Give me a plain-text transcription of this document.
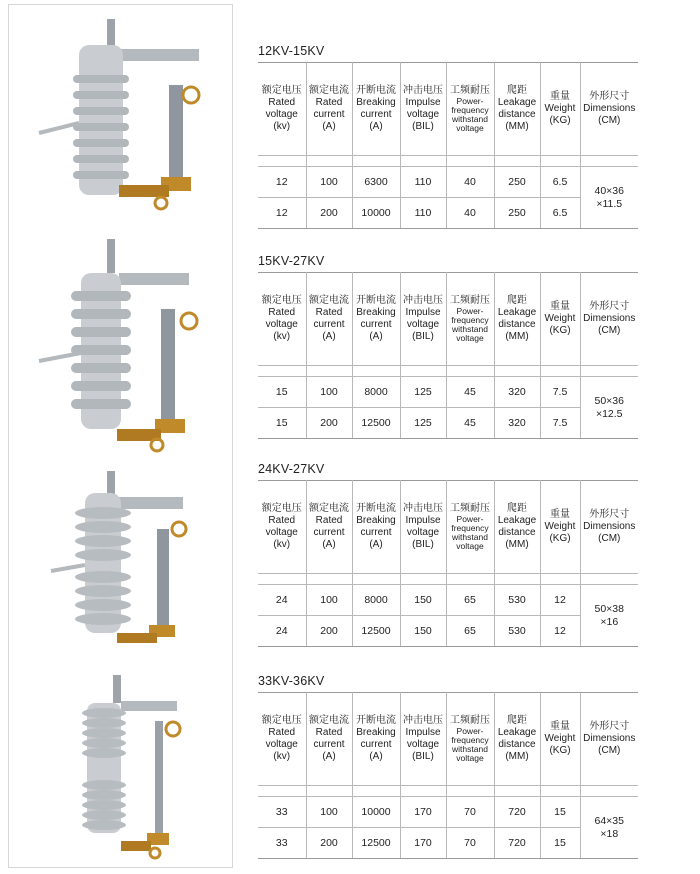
12KV-15KV
额定电压
Rated
voltage
(kv)	额定电流
Rated
current
(A)	开断电流
Breaking
current
(A)	冲击电压
Impulse
voltage
(BIL)	工频耐压
Power-
frequency
withstand
voltage	爬距
Leakage
distance
(MM)	重量
Weight
(KG)	外形尺寸
Dimensions
(CM)

12	100	6300	110	40	250	6.5	40×36
×11.5

12	200	10000	110	40	250	6.5	
15KV-27KV
额定电压
Rated
voltage
(kv)	额定电流
Rated
current
(A)	开断电流
Breaking
current
(A)	冲击电压
Impulse
voltage
(BIL)	工频耐压
Power-
frequency
withstand
voltage	爬距
Leakage
distance
(MM)	重量
Weight
(KG)	外形尺寸
Dimensions
(CM)

15	100	8000	125	45	320	7.5	50×36
×12.5

15	200	12500	125	45	320	7.5	
24KV-27KV
额定电压
Rated
voltage
(kv)	额定电流
Rated
current
(A)	开断电流
Breaking
current
(A)	冲击电压
Impulse
voltage
(BIL)	工频耐压
Power-
frequency
withstand
voltage	爬距
Leakage
distance
(MM)	重量
Weight
(KG)	外形尺寸
Dimensions
(CM)

24	100	8000	150	65	530	12	50×38
×16

24	200	12500	150	65	530	12	
33KV-36KV
额定电压
Rated
voltage
(kv)	额定电流
Rated
current
(A)	开断电流
Breaking
current
(A)	冲击电压
Impulse
voltage
(BIL)	工频耐压
Power-
frequency
withstand
voltage	爬距
Leakage
distance
(MM)	重量
Weight
(KG)	外形尺寸
Dimensions
(CM)

33	100	10000	170	70	720	15	64×35
×18

33	200	12500	170	70	720	15	
